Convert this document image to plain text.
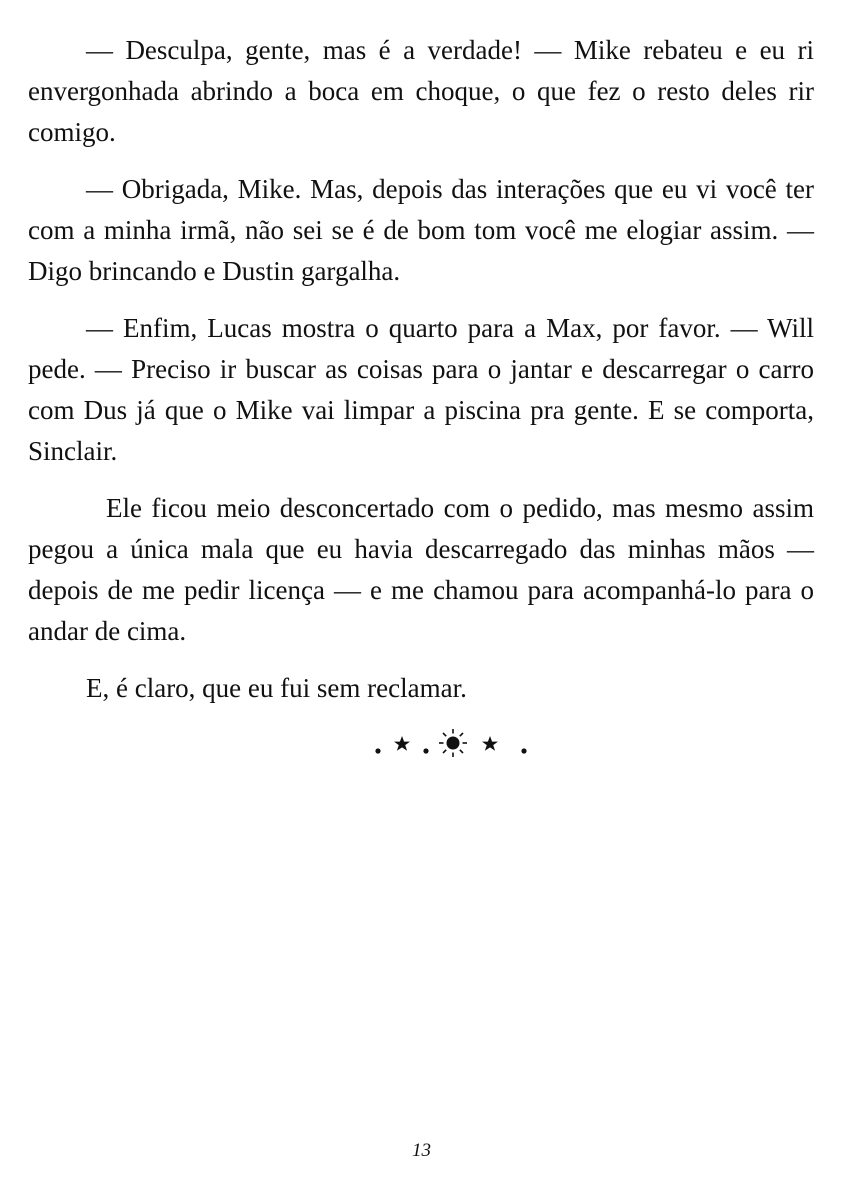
— Desculpa, gente, mas é a verdade! — Mike rebateu e eu ri envergonhada abrindo a boca em choque, o que fez o resto deles rir comigo.

— Obrigada, Mike. Mas, depois das interações que eu vi você ter com a minha irmã, não sei se é de bom tom você me elogiar assim. — Digo brincando e Dustin gargalha.

— Enfim, Lucas mostra o quarto para a Max, por favor. — Will pede. — Preciso ir buscar as coisas para o jantar e descarregar o carro com Dus já que o Mike vai limpar a piscina pra gente. E se comporta, Sinclair.

Ele ficou meio desconcertado com o pedido, mas mesmo assim pegou a única mala que eu havia descarregado das minhas mãos — depois de me pedir licença — e me chamou para acompanhá-lo para o andar de cima.

E, é claro, que eu fui sem reclamar.

13
